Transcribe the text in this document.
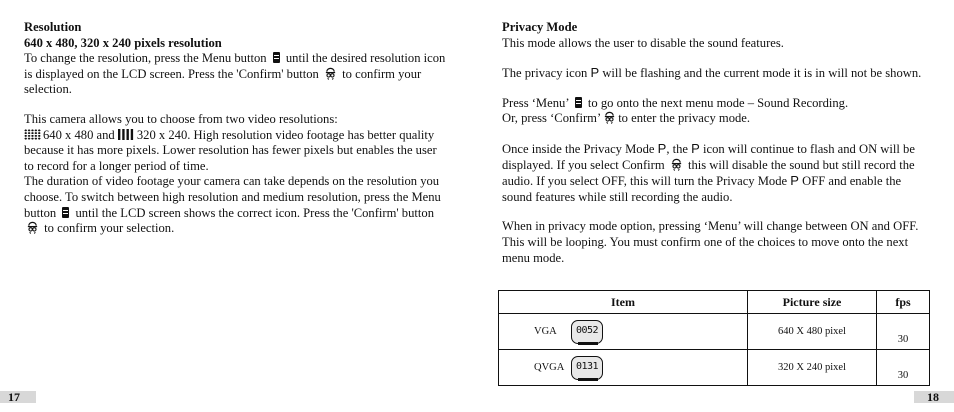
Resolution
640 x 480, 320 x 240 pixels resolution

To change the resolution, press the Menu button until the desired resolution icon is displayed on the LCD screen. Press the 'Confirm' button to confirm your selection.

This camera allows you to choose from two video resolutions:
640 x 480 and 320 x 240. High resolution video footage has better quality because it has more pixels. Lower resolution has fewer pixels but enables the user to record for a longer period of time.

The duration of video footage your camera can take depends on the resolution you choose. To switch between high resolution and medium resolution, press the Menu button until the LCD screen shows the correct icon. Press the 'Confirm' button  to confirm your selection.

Privacy Mode

This mode allows the user to disable the sound features.

The privacy icon P will be flashing and the current mode it is in will not be shown.

Press ‘Menu’ to go onto the next menu mode – Sound Recording.
Or, press ‘Confirm’ to enter the privacy mode.

Once inside the Privacy Mode P, the P icon will continue to flash and ON will be displayed. If you select Confirm this will disable the sound but still record the audio. If you select OFF, this will turn the Privacy Mode P OFF and enable the sound features while still recording the audio.

When in privacy mode option, pressing ‘Menu’ will change between ON and OFF. This will be looping. You must confirm one of the choices to move onto the next menu mode.

Item	Picture size	fps

VGA 0052	640 X 480 pixel	30

QVGA 0131	320 X 240 pixel	30
17	18
